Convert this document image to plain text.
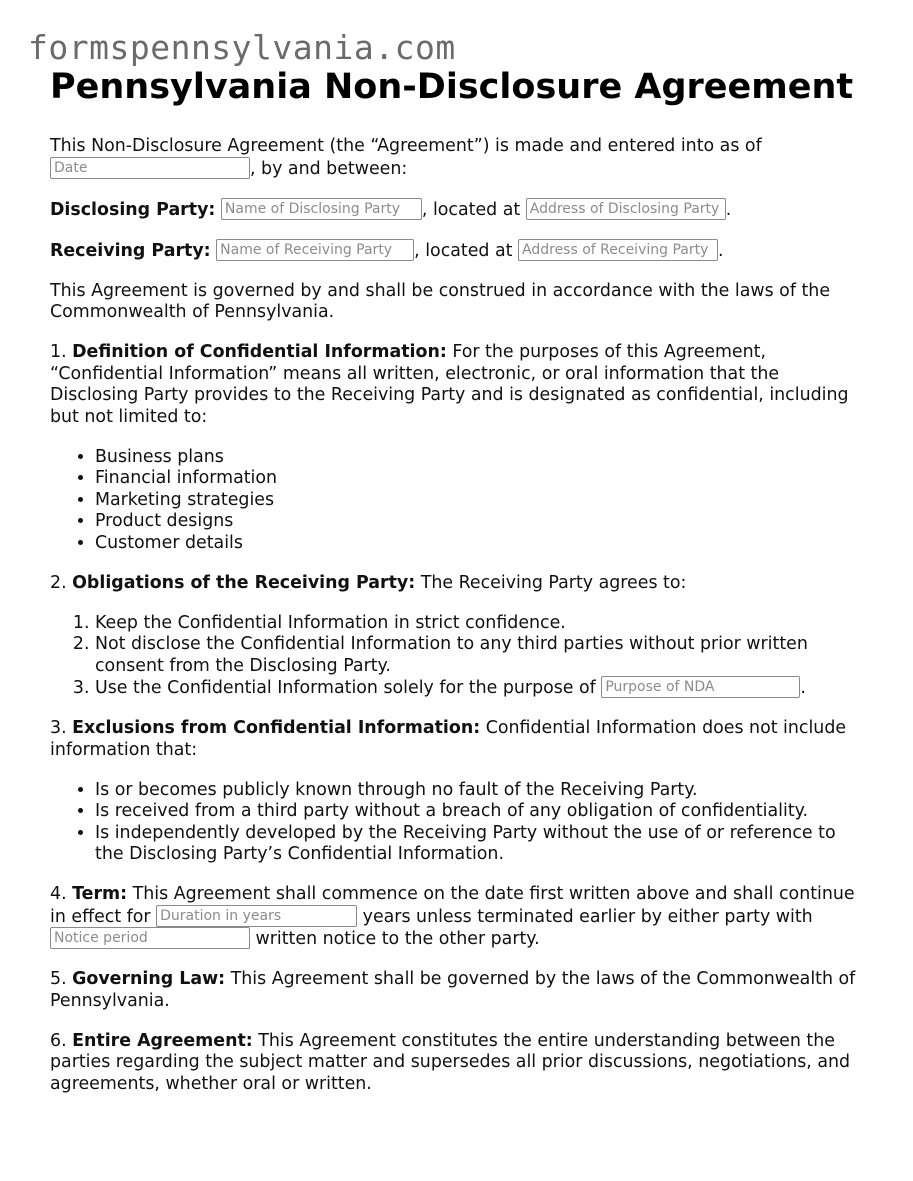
formspennsylvania.com
Pennsylvania Non-Disclosure Agreement

This Non-Disclosure Agreement (the “Agreement”) is made and entered into as of Date, by and between:

Disclosing Party: Name of Disclosing Party	, located at Address of Disclosing Party	.

Receiving Party: Name of Receiving Party	, located at Address of Receiving Party	.

This Agreement is governed by and shall be construed in accordance with the laws of the Commonwealth of Pennsylvania.

1. Definition of Confidential Information: For the purposes of this Agreement, “Confidential Information” means all written, electronic, or oral information that the Disclosing Party provides to the Receiving Party and is designated as confidential, including but not limited to:

• Business plans
• Financial information
• Marketing strategies
• Product designs
• Customer details

2. Obligations of the Receiving Party: The Receiving Party agrees to:

1. Keep the Confidential Information in strict confidence.
2. Not disclose the Confidential Information to any third parties without prior written consent from the Disclosing Party.
3. Use the Confidential Information solely for the purpose of Purpose of NDA	.

3. Exclusions from Confidential Information: Confidential Information does not include information that:

• Is or becomes publicly known through no fault of the Receiving Party.
• Is received from a third party without a breach of any obligation of confidentiality.
• Is independently developed by the Receiving Party without the use of or reference to the Disclosing Party’s Confidential Information.

4. Term: This Agreement shall commence on the date first written above and shall continue in effect for Duration in years	years unless terminated earlier by either party with Notice period written notice to the other party.

5. Governing Law: This Agreement shall be governed by the laws of the Commonwealth of Pennsylvania.

6. Entire Agreement: This Agreement constitutes the entire understanding between the parties regarding the subject matter and supersedes all prior discussions, negotiations, and agreements, whether oral or written.
